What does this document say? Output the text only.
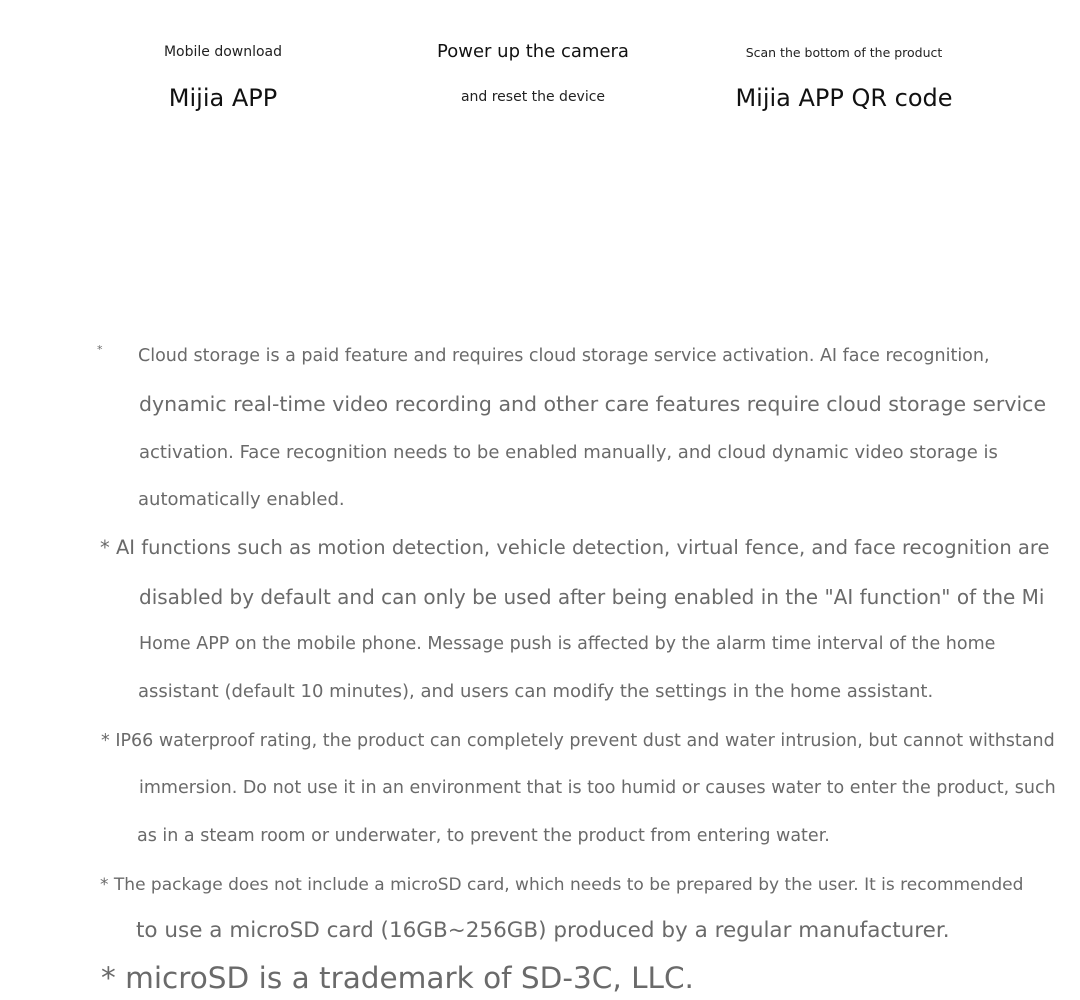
Mobile download
Mijia APP
Power up the camera
and reset the device
Scan the bottom of the product
Mijia APP QR code
* Cloud storage is a paid feature and requires cloud storage service activation. AI face recognition,
dynamic real-time video recording and other care features require cloud storage service
activation. Face recognition needs to be enabled manually, and cloud dynamic video storage is
automatically enabled.
* AI functions such as motion detection, vehicle detection, virtual fence, and face recognition are
disabled by default and can only be used after being enabled in the "AI function" of the Mi
Home APP on the mobile phone. Message push is affected by the alarm time interval of the home
assistant (default 10 minutes), and users can modify the settings in the home assistant.
* IP66 waterproof rating, the product can completely prevent dust and water intrusion, but cannot withstand
immersion. Do not use it in an environment that is too humid or causes water to enter the product, such
as in a steam room or underwater, to prevent the product from entering water.
* The package does not include a microSD card, which needs to be prepared by the user. It is recommended
to use a microSD card (16GB~256GB) produced by a regular manufacturer.
* microSD is a trademark of SD-3C, LLC.
